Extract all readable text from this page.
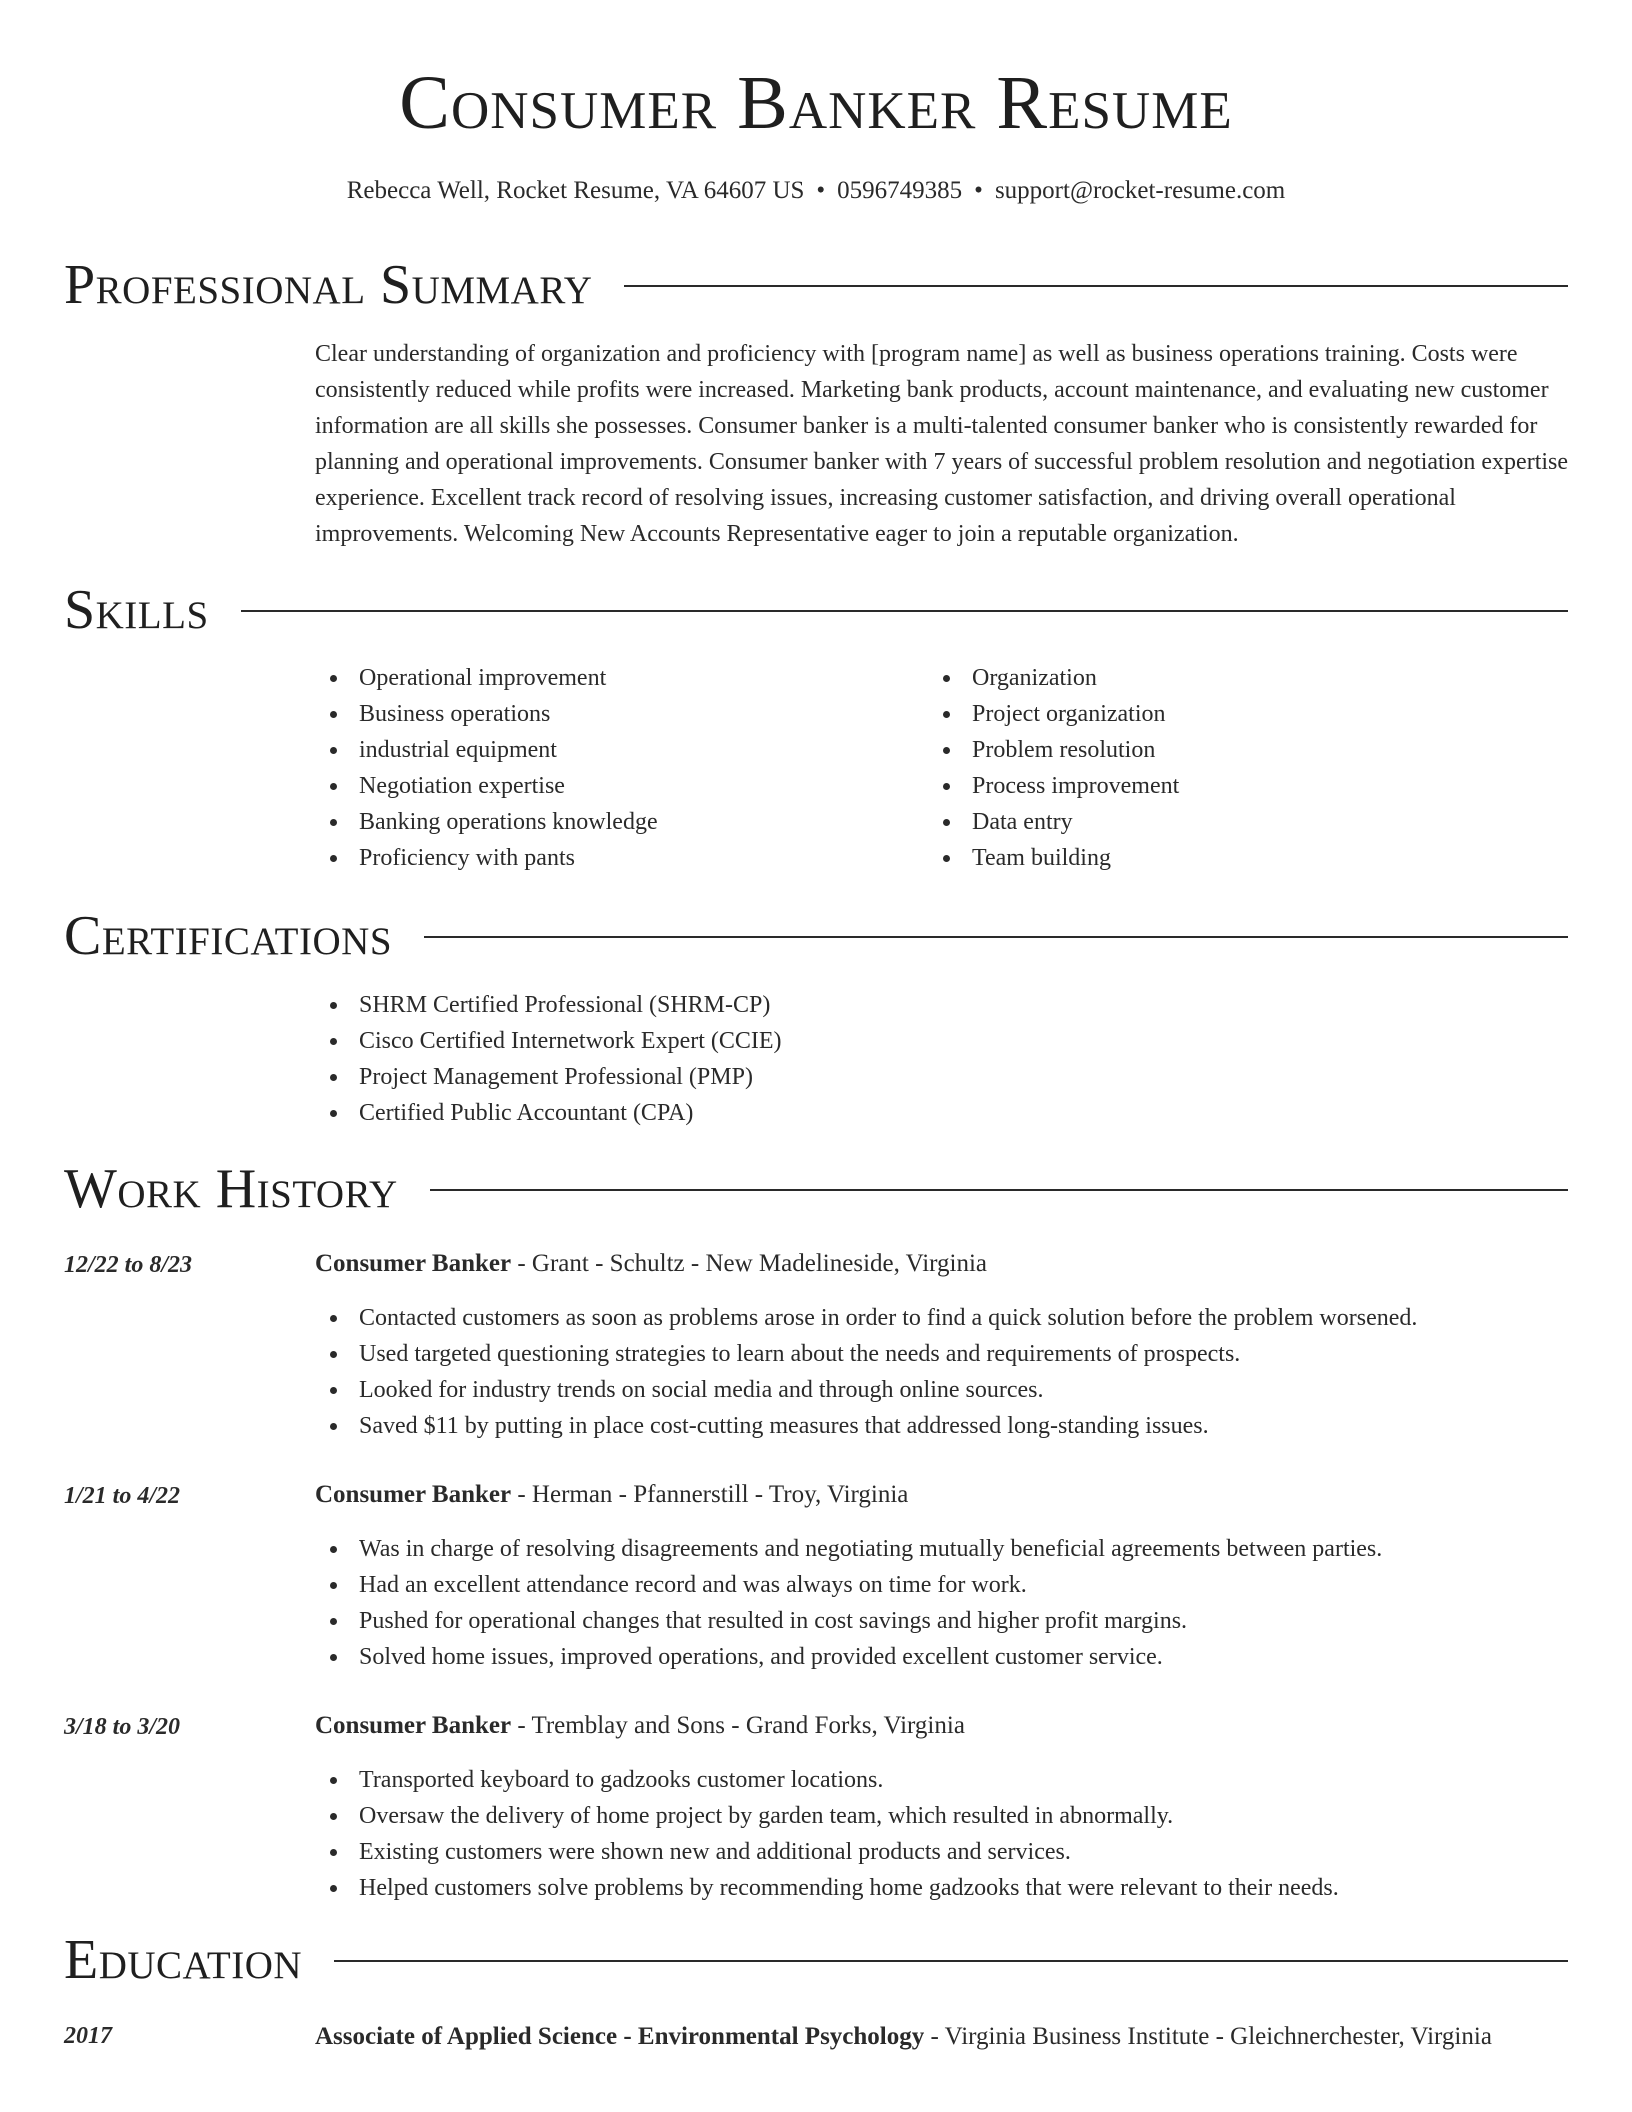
Consumer Banker Resume
Rebecca Well, Rocket Resume, VA 64607 US • 0596749385 • support@rocket-resume.com
Professional Summary
Clear understanding of organization and proficiency with [program name] as well as business operations training. Costs were consistently reduced while profits were increased. Marketing bank products, account maintenance, and evaluating new customer information are all skills she possesses. Consumer banker is a multi-talented consumer banker who is consistently rewarded for planning and operational improvements. Consumer banker with 7 years of successful problem resolution and negotiation expertise experience. Excellent track record of resolving issues, increasing customer satisfaction, and driving overall operational improvements. Welcoming New Accounts Representative eager to join a reputable organization.
Skills
Operational improvement
Business operations
industrial equipment
Negotiation expertise
Banking operations knowledge
Proficiency with pants
Organization
Project organization
Problem resolution
Process improvement
Data entry
Team building
Certifications
SHRM Certified Professional (SHRM-CP)
Cisco Certified Internetwork Expert (CCIE)
Project Management Professional (PMP)
Certified Public Accountant (CPA)
Work History
12/22 to 8/23	Consumer Banker - Grant - Schultz - New Madelineside, Virginia
Contacted customers as soon as problems arose in order to find a quick solution before the problem worsened.
Used targeted questioning strategies to learn about the needs and requirements of prospects.
Looked for industry trends on social media and through online sources.
Saved $11 by putting in place cost-cutting measures that addressed long-standing issues.
1/21 to 4/22	Consumer Banker - Herman - Pfannerstill - Troy, Virginia
Was in charge of resolving disagreements and negotiating mutually beneficial agreements between parties.
Had an excellent attendance record and was always on time for work.
Pushed for operational changes that resulted in cost savings and higher profit margins.
Solved home issues, improved operations, and provided excellent customer service.
3/18 to 3/20	Consumer Banker - Tremblay and Sons - Grand Forks, Virginia
Transported keyboard to gadzooks customer locations.
Oversaw the delivery of home project by garden team, which resulted in abnormally.
Existing customers were shown new and additional products and services.
Helped customers solve problems by recommending home gadzooks that were relevant to their needs.
Education
2017	Associate of Applied Science - Environmental Psychology - Virginia Business Institute - Gleichnerchester, Virginia
